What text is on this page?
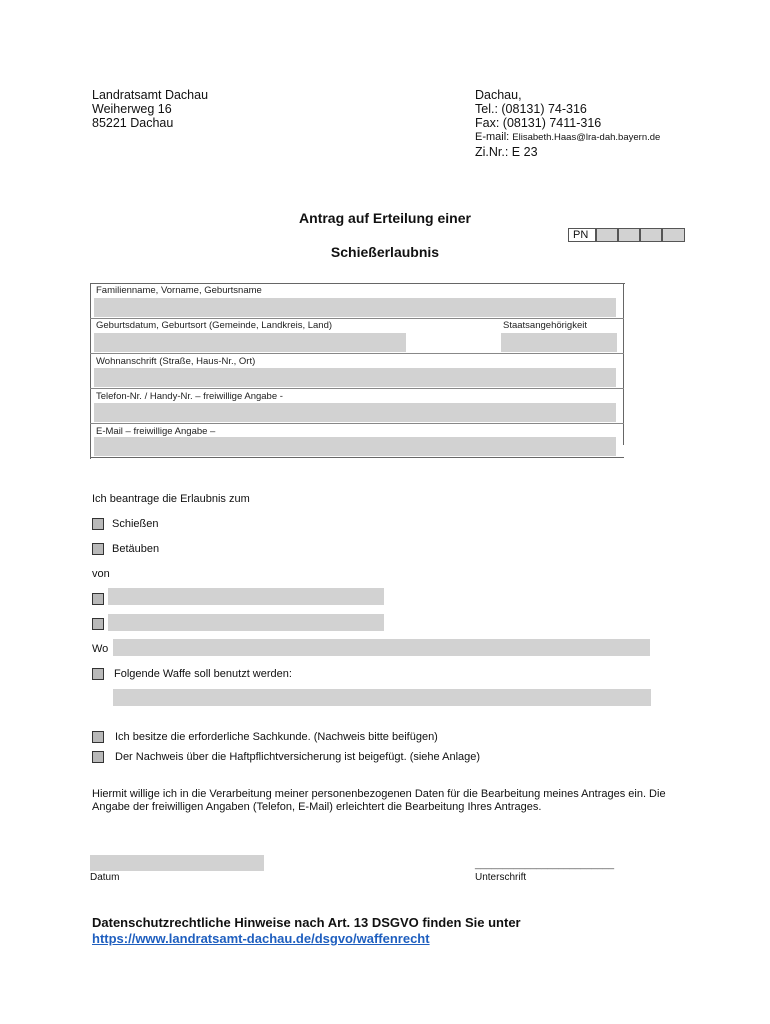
Landratsamt Dachau
Weiherweg 16
85221 Dachau
Dachau,
Tel.: (08131) 74-316
Fax: (08131) 7411-316
E-mail: Elisabeth.Haas@lra-dah.bayern.de
Zi.Nr.: E 23
Antrag auf Erteilung einer
Schießerlaubnis
PN
Familienname, Vorname, Geburtsname
Geburtsdatum, Geburtsort (Gemeinde, Landkreis, Land)	Staatsangehörigkeit
Wohnanschrift (Straße, Haus-Nr., Ort)
Telefon-Nr. / Handy-Nr. – freiwillige Angabe -
E-Mail – freiwillige Angabe –
Ich beantrage die Erlaubnis zum
Schießen
Betäuben
von
Wo
Folgende Waffe soll benutzt werden:
Ich besitze die erforderliche Sachkunde. (Nachweis bitte beifügen)
Der Nachweis über die Haftpflichtversicherung ist beigefügt. (siehe Anlage)
Hiermit willige ich in die Verarbeitung meiner personenbezogenen Daten für die Bearbeitung meines Antrages ein. Die Angabe der freiwilligen Angaben (Telefon, E-Mail) erleichtert die Bearbeitung Ihres Antrages.
Datum
_________________________
Unterschrift
Datenschutzrechtliche Hinweise nach Art. 13 DSGVO finden Sie unter
https://www.landratsamt-dachau.de/dsgvo/waffenrecht
